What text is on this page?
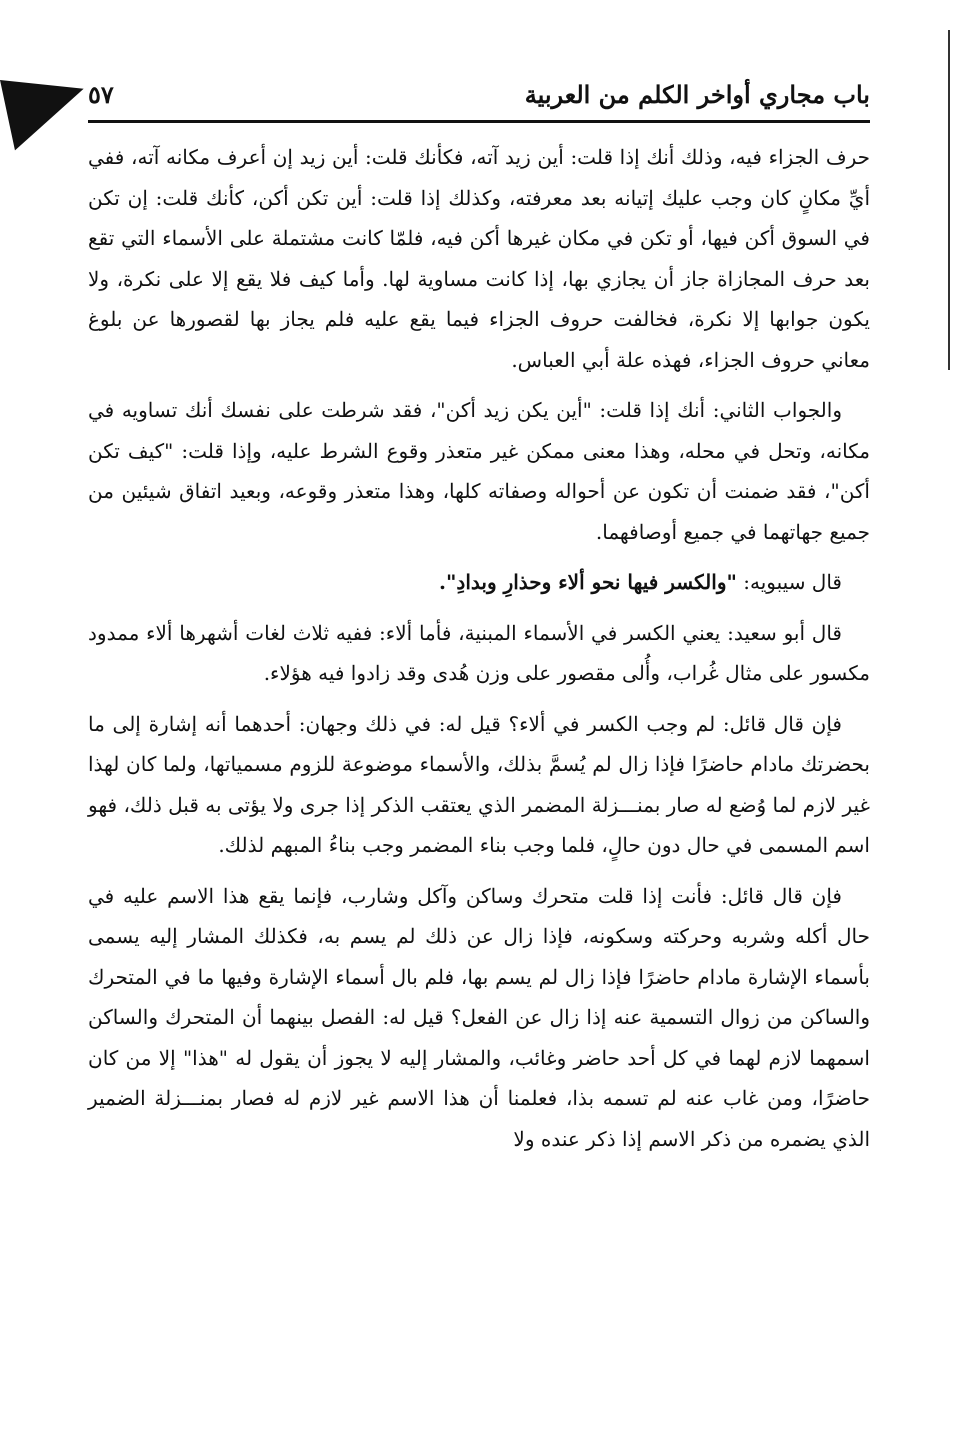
باب مجاري أواخر الكلم من العربية
٥٧

حرف الجزاء فيه، وذلك أنك إذا قلت: أين زيد آته، فكأنك قلت: أين زيد إن أعرف مكانه آته، ففي أيِّ مكانٍ كان وجب عليك إتيانه بعد معرفته، وكذلك إذا قلت: أين تكن أكن، كأنك قلت: إن تكن في السوق أكن فيها، أو تكن في مكان غيرها أكن فيه، فلمّا كانت مشتملة على الأسماء التي تقع بعد حرف المجازاة جاز أن يجازي بها، إذا كانت مساوية لها. وأما كيف فلا يقع إلا على نكرة، ولا يكون جوابها إلا نكرة، فخالفت حروف الجزاء فيما يقع عليه فلم يجاز بها لقصورها عن بلوغ معاني حروف الجزاء، فهذه علة أبي العباس.

والجواب الثاني: أنك إذا قلت: "أين يكن زيد أكن"، فقد شرطت على نفسك أنك تساويه في مكانه، وتحل في محله، وهذا معنى ممكن غير متعذر وقوع الشرط عليه، وإذا قلت: "كيف تكن أكن"، فقد ضمنت أن تكون عن أحواله وصفاته كلها، وهذا متعذر وقوعه، وبعيد اتفاق شيئين من جميع جهاتهما في جميع أوصافهما.

قال سيبويه: "والكسر فيها نحو ألاء وحذارِ وبدادِ".

قال أبو سعيد: يعني الكسر في الأسماء المبنية، فأما ألاء: ففيه ثلاث لغات أشهرها ألاء ممدود مكسور على مثال غُراب، وأُلى مقصور على وزن هُدى وقد زادوا فيه هؤلاء.

فإن قال قائل: لم وجب الكسر في ألاء؟ قيل له: في ذلك وجهان: أحدهما أنه إشارة إلى ما بحضرتك مادام حاضرًا فإذا زال لم يُسمَّ بذلك، والأسماء موضوعة للزوم مسمياتها، ولما كان لهذا غير لازم لما وُضع له صار بمنـــزلة المضمر الذي يعتقب الذكر إذا جرى ولا يؤتى به قبل ذلك، فهو اسم المسمى في حال دون حالٍ، فلما وجب بناء المضمر وجب بناءُ المبهم لذلك.

فإن قال قائل: فأنت إذا قلت متحرك وساكن وآكل وشارب، فإنما يقع هذا الاسم عليه في حال أكله وشربه وحركته وسكونه، فإذا زال عن ذلك لم يسم به، فكذلك المشار إليه يسمى بأسماء الإشارة مادام حاضرًا فإذا زال لم يسم بها، فلم بال أسماء الإشارة وفيها ما في المتحرك والساكن من زوال التسمية عنه إذا زال عن الفعل؟ قيل له: الفصل بينهما أن المتحرك والساكن اسمهما لازم لهما في كل أحد حاضر وغائب، والمشار إليه لا يجوز أن يقول له "هذا" إلا من كان حاضرًا، ومن غاب عنه لم تسمه بذا، فعلمنا أن هذا الاسم غير لازم له فصار بمنـــزلة الضمير الذي يضمره من ذكر الاسم إذا ذكر عنده ولا
